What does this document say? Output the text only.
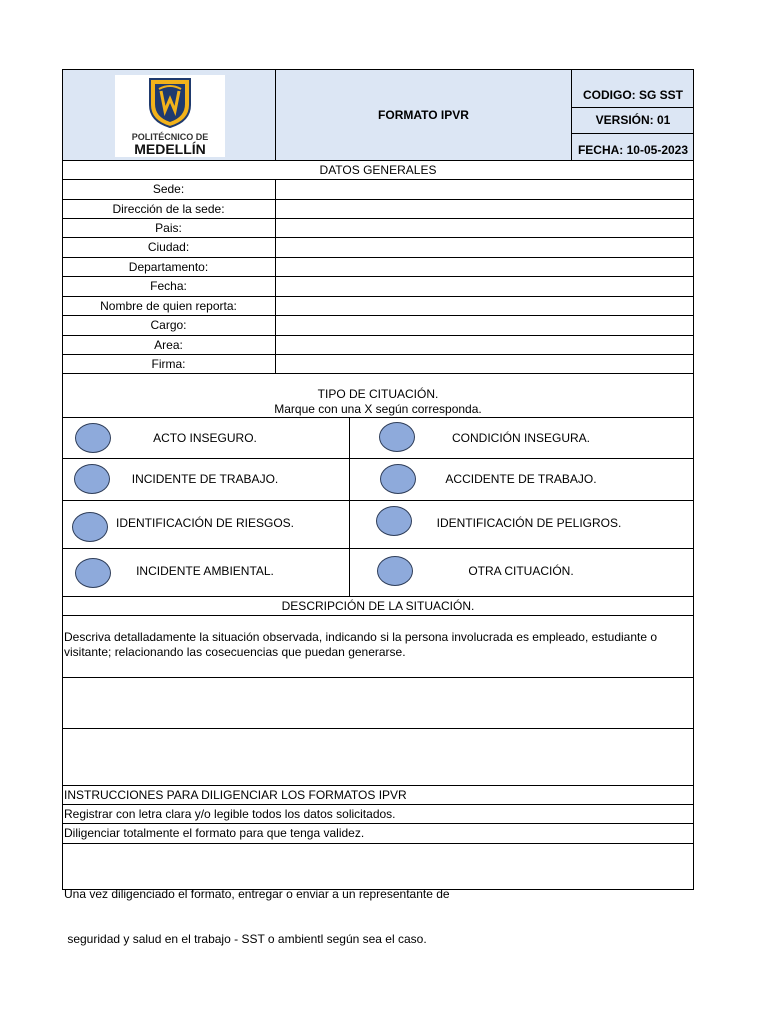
POLITÉCNICO DE
MEDELLÍN
FORMATO IPVR
CODIGO: SG SST
VERSIÓN: 01
FECHA: 10-05-2023
DATOS GENERALES
Sede:
Dirección de la sede:
Pais:
Ciudad:
Departamento:
Fecha:
Nombre de quien reporta:
Cargo:
Area:
Firma:
TIPO DE CITUACIÓN.
Marque con una X según corresponda.
ACTO INSEGURO.	CONDICIÓN INSEGURA.
INCIDENTE DE TRABAJO.	ACCIDENTE DE TRABAJO.
IDENTIFICACIÓN DE RIESGOS.	IDENTIFICACIÓN DE PELIGROS.
INCIDENTE AMBIENTAL.	OTRA CITUACIÓN.
DESCRIPCIÓN DE LA SITUACIÓN.
Descriva detalladamente la situación observada, indicando si la persona involucrada es empleado, estudiante o
visitante; relacionando las cosecuencias que puedan generarse.
INSTRUCCIONES PARA DILIGENCIAR LOS FORMATOS IPVR
Registrar con letra clara y/o legible todos los datos solicitados.
Diligenciar totalmente el formato para que tenga validez.

Una vez diligenciado el formato, entregar o enviar a un representante de

seguridad y salud en el trabajo - SST o ambientl según sea el caso.
